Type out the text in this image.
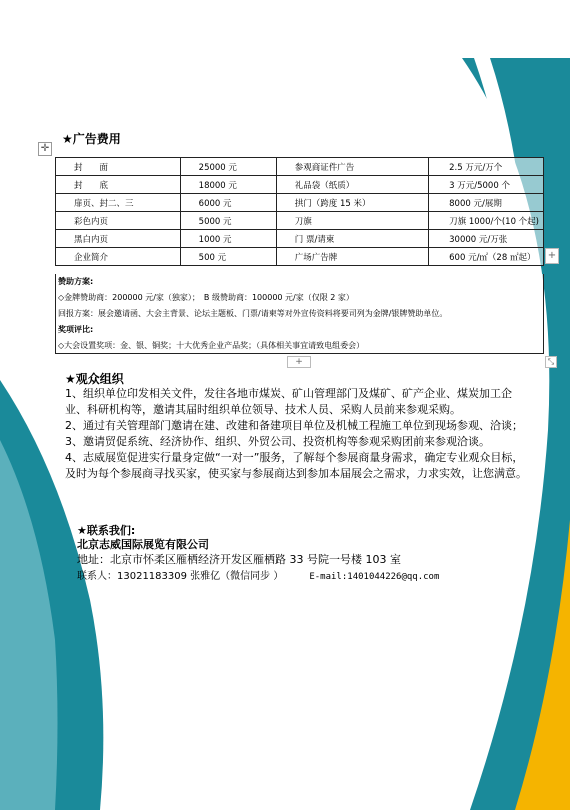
★广告费用
✛
封　　面	25000 元	参观商证件广告	2.5 万元/万个
封　　底	18000 元	礼品袋（纸质）	3 万元/5000 个
扉页、封二、三	6000 元	拱门（跨度 15 米）	8000 元/展期
彩色内页	5000 元	刀旗	刀旗 1000/个(10 个起)
黑白内页	1000 元	门 票/请柬	30000 元/万张
企业简介	500 元	广场广告牌	600 元/㎡（28 ㎡起）
赞助方案:
◇金牌赞助商：200000 元/家（独家）；　B 级赞助商：100000 元/家（仅限 2 家）
回报方案：展会邀请函、大会主背景、论坛主题板、门票/请柬等对外宣传资料将要司列为金牌/银牌赞助单位。
奖项评比:
◇大会设置奖项：金、银、铜奖；十大优秀企业产品奖；（具体相关事宜请致电组委会）
+
+	⤡
★观众组织

1、组织单位印发相关文件，发往各地市煤炭、矿山管理部门及煤矿、矿产企业、煤炭加工企业、科研机构等，邀请其届时组织单位领导、技术人员、采购人员前来参观采购。

2、通过有关管理部门邀请在建、改建和备建项目单位及机械工程施工单位到现场参观、洽谈；

3、邀请贸促系统、经济协作、组织、外贸公司、投资机构等参观采购团前来参观洽谈。

4、志威展览促进实行量身定做“一对一”服务，了解每个参展商量身需求，确定专业观众目标，及时为每个参展商寻找买家，使买家与参展商达到参加本届展会之需求，力求实效，让您满意。

★联系我们:
北京志威国际展览有限公司
地址：北京市怀柔区雁栖经济开发区雁栖路 33 号院一号楼 103 室
联系人：13021183309 张雅亿（微信同步 ）	E-mail:1401044226@qq.com
